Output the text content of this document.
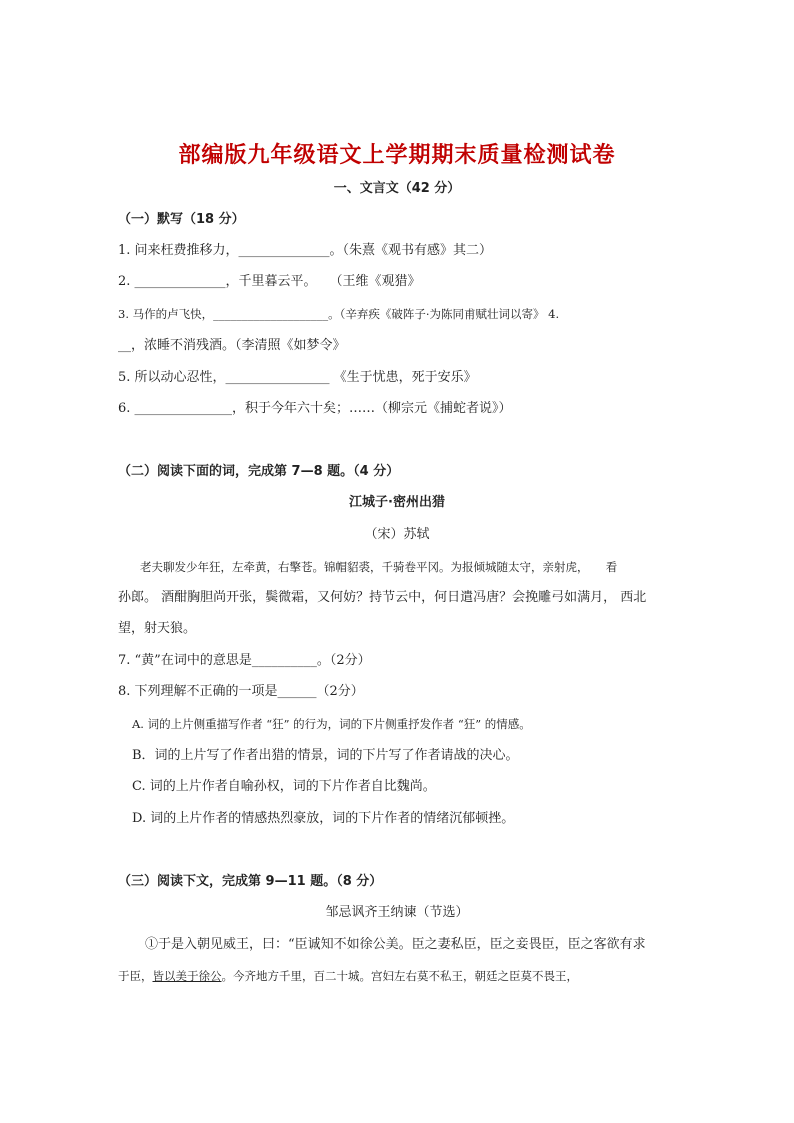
部编版九年级语文上学期期末质量检测试卷
一、文言文（42 分）
（一）默写（18 分）
1. 问来枉费推移力，______________。（朱熹《观书有感》其二）
2. ______________，千里暮云平。　　（王维《观猎》
3. 马作的卢飞快，____________________。（辛弃疾《破阵子·为陈同甫赋壮词以寄》 4.
__，浓睡不消残酒。（李清照《如梦令》
5. 所以动心忍性，________________ 《生于忧患，死于安乐》
6. _______________，积于今年六十矣；……（柳宗元《捕蛇者说》）
（二）阅读下面的词，完成第 7—8 题。（4 分）
江城子·密州出猎
（宋）苏轼
老夫聊发少年狂，左牵黄，右擎苍。锦帽貂裘，千骑卷平冈。为报倾城随太守，亲射虎，　　看
孙郎。 酒酣胸胆尚开张，鬓微霜，又何妨？持节云中，何日遣冯唐？会挽雕弓如满月， 西北
望，射天狼。
7. “黄”在词中的意思是__________。（2分）
8. 下列理解不正确的一项是______（2分）
A. 词的上片侧重描写作者 “狂” 的行为，词的下片侧重抒发作者 “狂” 的情感。
B．词的上片写了作者出猎的情景，词的下片写了作者请战的决心。
C. 词的上片作者自喻孙权，词的下片作者自比魏尚。
D. 词的上片作者的情感热烈豪放，词的下片作者的情绪沉郁顿挫。
（三）阅读下文，完成第 9—11 题。（8 分）
邹忌讽齐王纳谏（节选）
①于是入朝见威王，曰：“臣诚知不如徐公美。臣之妻私臣，臣之妾畏臣，臣之客欲有求
于臣，皆以美于徐公。今齐地方千里，百二十城。宫妇左右莫不私王，朝廷之臣莫不畏王，
